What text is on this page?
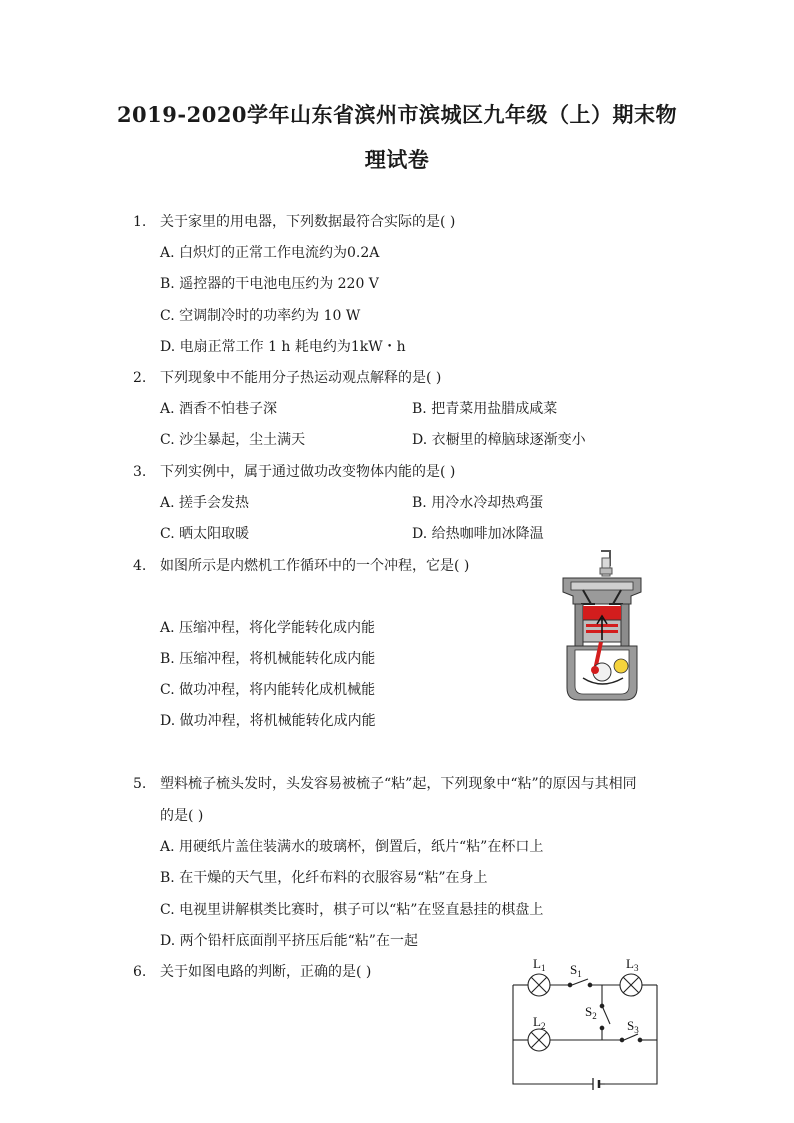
2019-2020学年山东省滨州市滨城区九年级（上）期末物
理试卷
1. 关于家里的用电器，下列数据最符合实际的是( )
A. 白炽灯的正常工作电流约为0.2A
B. 遥控器的干电池电压约为 220 V
C. 空调制冷时的功率约为 10 W
D. 电扇正常工作 1 h 耗电约为1kW・h
2. 下列现象中不能用分子热运动观点解释的是( )
A. 酒香不怕巷子深	B. 把青菜用盐腊成咸菜
C. 沙尘暴起，尘土满天	D. 衣橱里的樟脑球逐渐变小
3. 下列实例中，属于通过做功改变物体内能的是( )
A. 搓手会发热	B. 用冷水冷却热鸡蛋
C. 晒太阳取暖	D. 给热咖啡加冰降温
4. 如图所示是内燃机工作循环中的一个冲程，它是( )
A. 压缩冲程，将化学能转化成内能
B. 压缩冲程，将机械能转化成内能
C. 做功冲程，将内能转化成机械能
D. 做功冲程，将机械能转化成内能
5. 塑料梳子梳头发时，头发容易被梳子“粘”起，下列现象中“粘”的原因与其相同
的是( )
A. 用硬纸片盖住装满水的玻璃杯，倒置后，纸片“粘”在杯口上
B. 在干燥的天气里，化纤布料的衣服容易“粘”在身上
C. 电视里讲解棋类比赛时，棋子可以“粘”在竖直悬挂的棋盘上
D. 两个铅杆底面削平挤压后能“粘”在一起
6. 关于如图电路的判断，正确的是( )
$L_1$	$L_3$
$S_1$
$S_2$
$L_2$	$S_3$
